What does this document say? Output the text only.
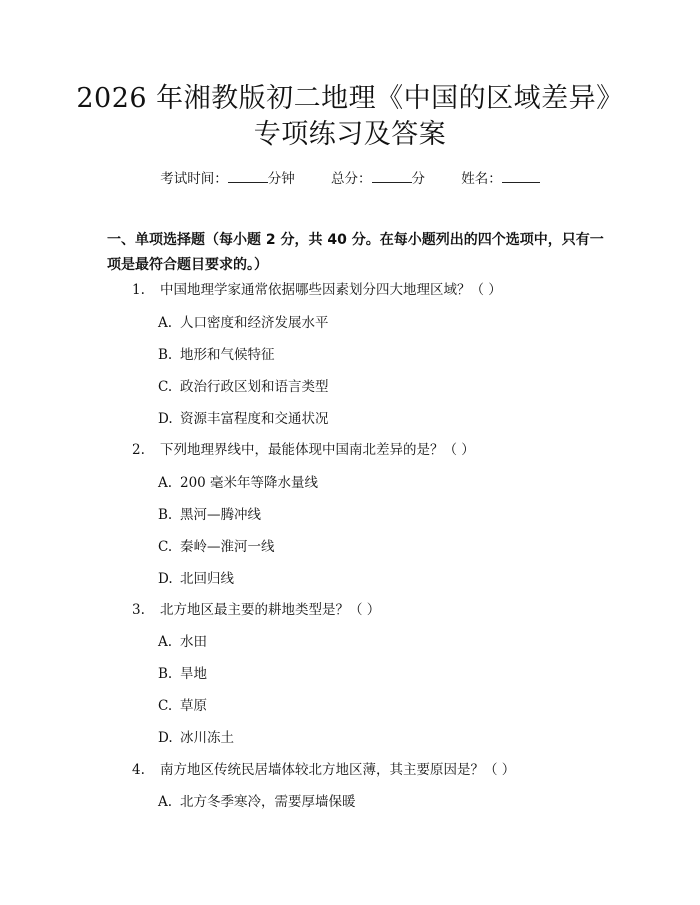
2026 年湘教版初二地理《中国的区域差异》
专项练习及答案
考试时间：	分钟	总分：	分	姓名：
一、单项选择题（每小题 2 分，共 40 分。在每小题列出的四个选项中，只有一项是最符合题目要求的。）
1. 中国地理学家通常依据哪些因素划分四大地理区域？（ ）
A. 人口密度和经济发展水平
B. 地形和气候特征
C. 政治行政区划和语言类型
D. 资源丰富程度和交通状况
2. 下列地理界线中，最能体现中国南北差异的是？（ ）
A. 200 毫米年等降水量线
B. 黑河—腾冲线
C. 秦岭—淮河一线
D. 北回归线
3. 北方地区最主要的耕地类型是？（ ）
A. 水田
B. 旱地
C. 草原
D. 冰川冻土
4. 南方地区传统民居墙体较北方地区薄，其主要原因是？（ ）
A. 北方冬季寒冷，需要厚墙保暖
